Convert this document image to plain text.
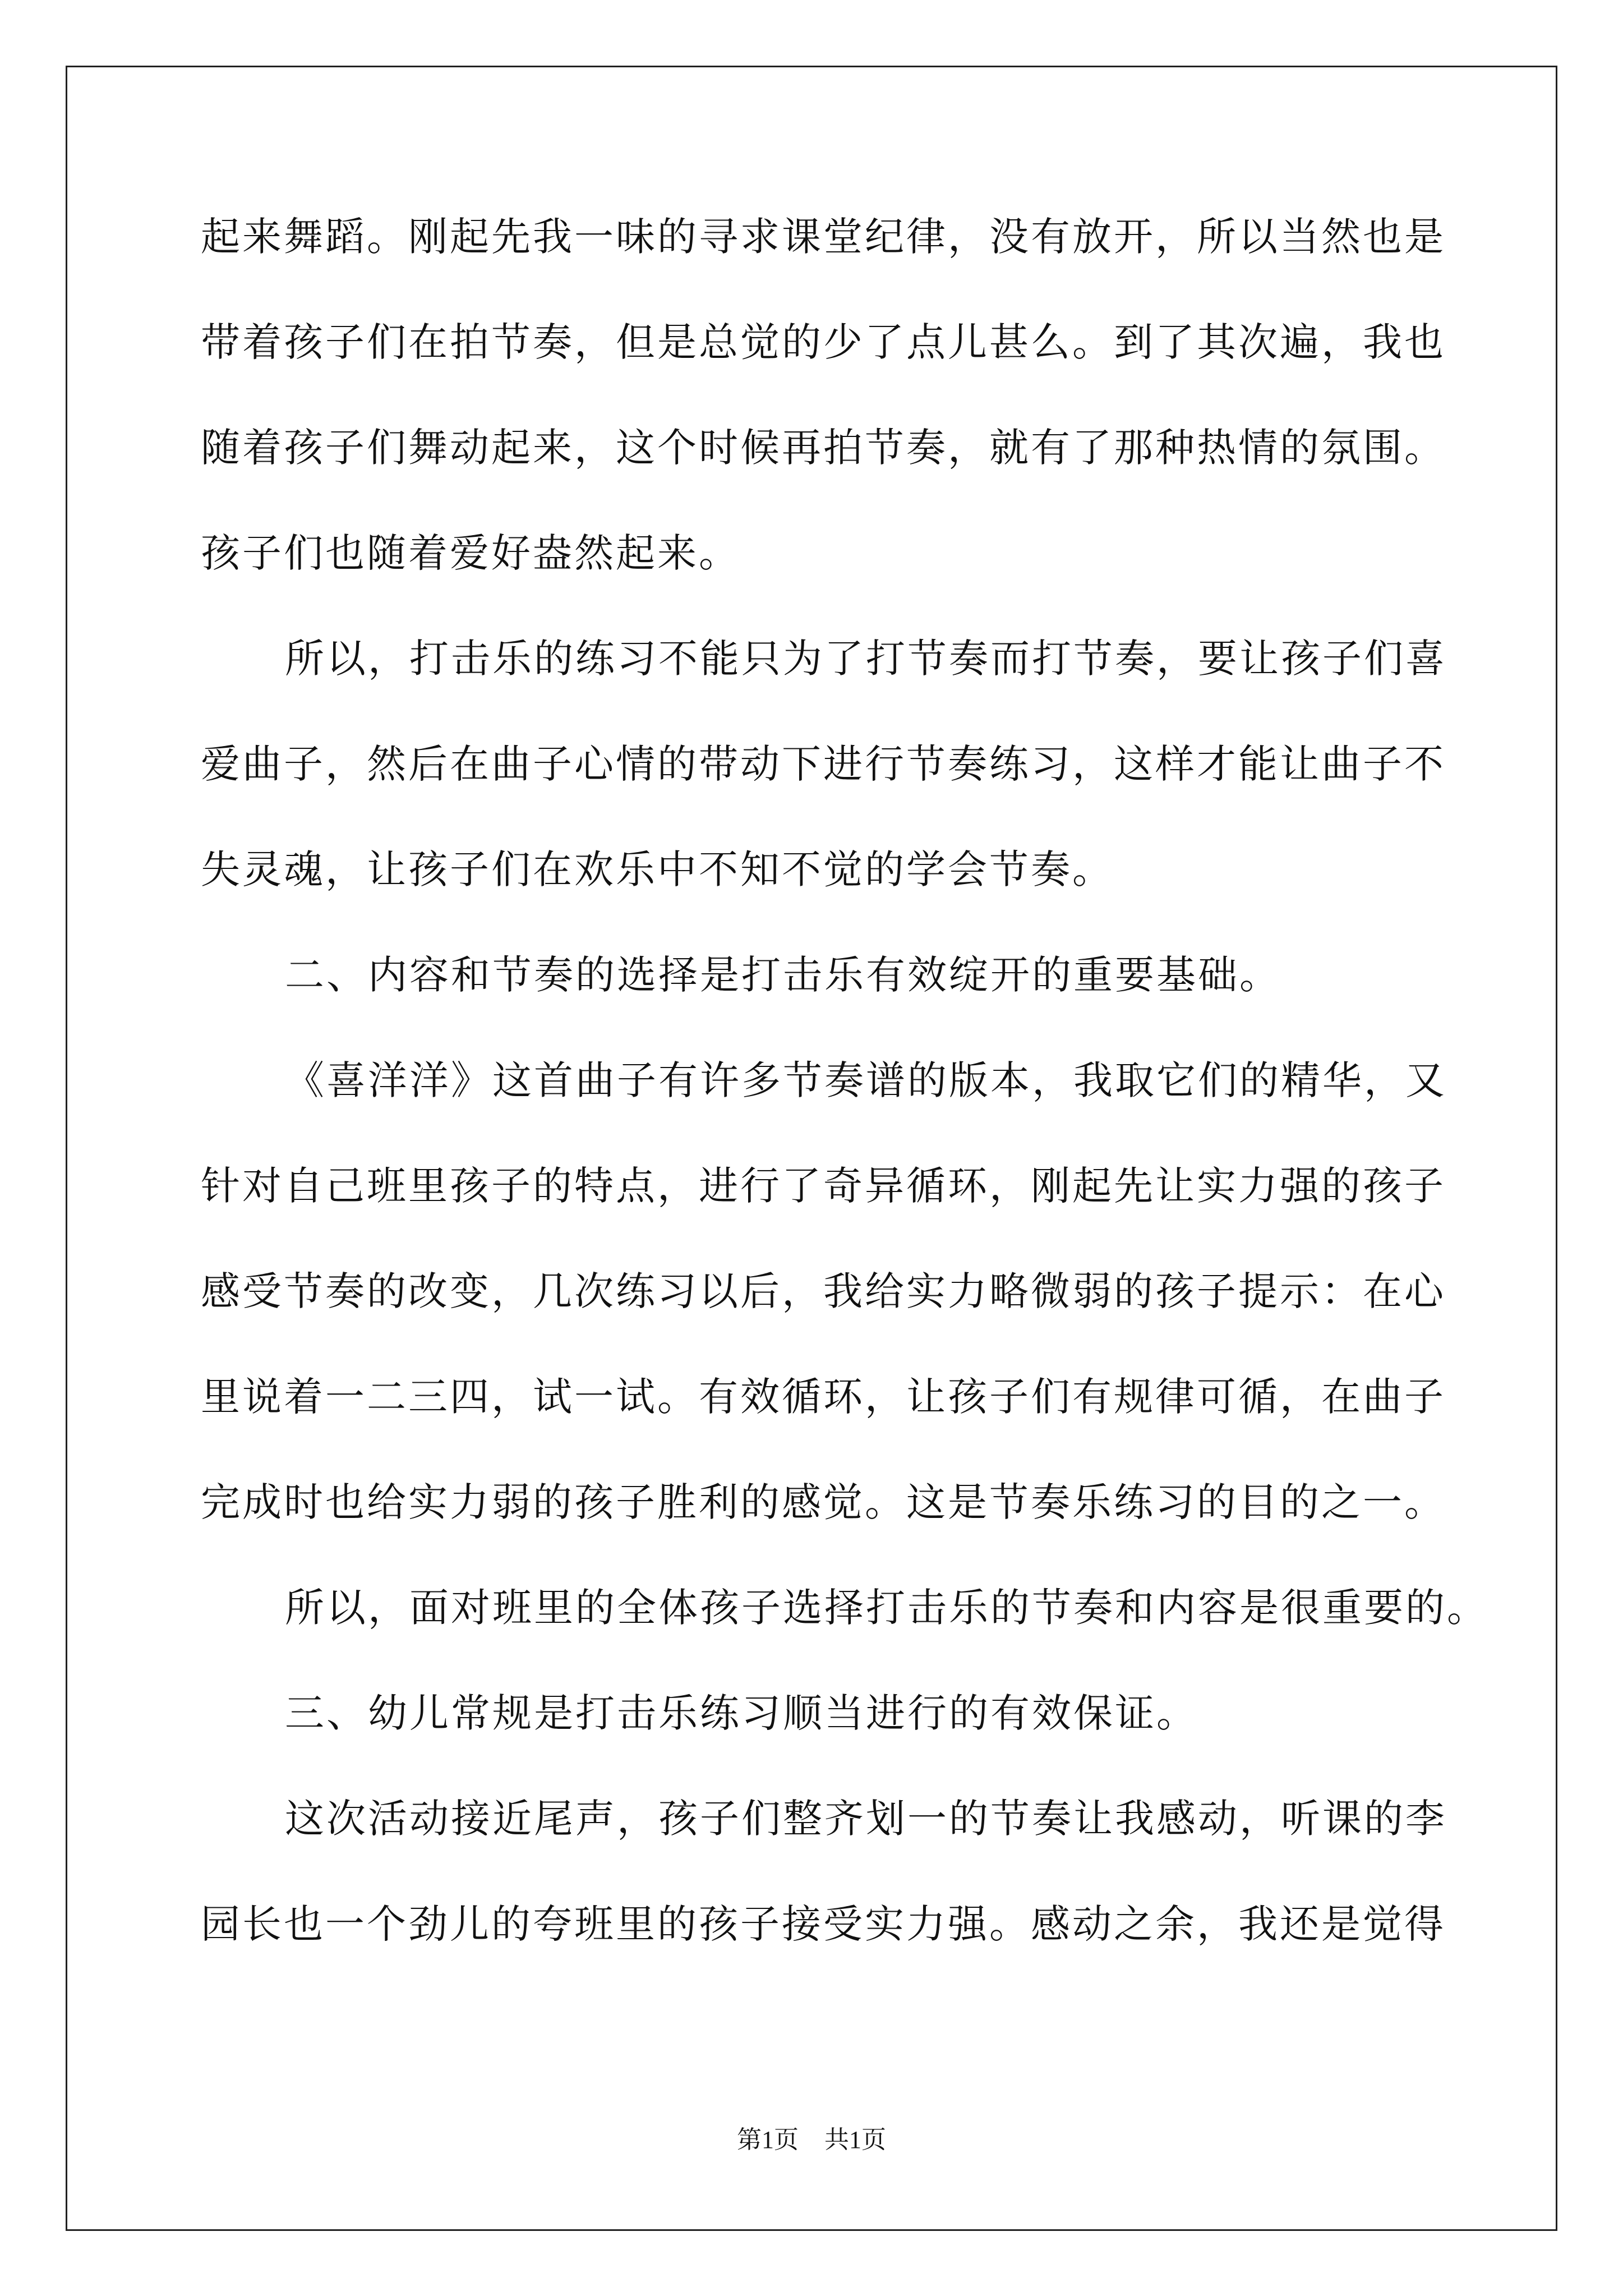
起来舞蹈。刚起先我一味的寻求课堂纪律，没有放开，所以当然也是
带着孩子们在拍节奏，但是总觉的少了点儿甚么。到了其次遍，我也
随着孩子们舞动起来，这个时候再拍节奏，就有了那种热情的氛围。
孩子们也随着爱好盎然起来。
所以，打击乐的练习不能只为了打节奏而打节奏，要让孩子们喜
爱曲子，然后在曲子心情的带动下进行节奏练习，这样才能让曲子不
失灵魂，让孩子们在欢乐中不知不觉的学会节奏。
二、内容和节奏的选择是打击乐有效绽开的重要基础。
《喜洋洋》这首曲子有许多节奏谱的版本，我取它们的精华，又
针对自己班里孩子的特点，进行了奇异循环，刚起先让实力强的孩子
感受节奏的改变，几次练习以后，我给实力略微弱的孩子提示：在心
里说着一二三四，试一试。有效循环，让孩子们有规律可循，在曲子
完成时也给实力弱的孩子胜利的感觉。这是节奏乐练习的目的之一。
所以，面对班里的全体孩子选择打击乐的节奏和内容是很重要的。
三、幼儿常规是打击乐练习顺当进行的有效保证。
这次活动接近尾声，孩子们整齐划一的节奏让我感动，听课的李
园长也一个劲儿的夸班里的孩子接受实力强。感动之余，我还是觉得
第1页 共1页
